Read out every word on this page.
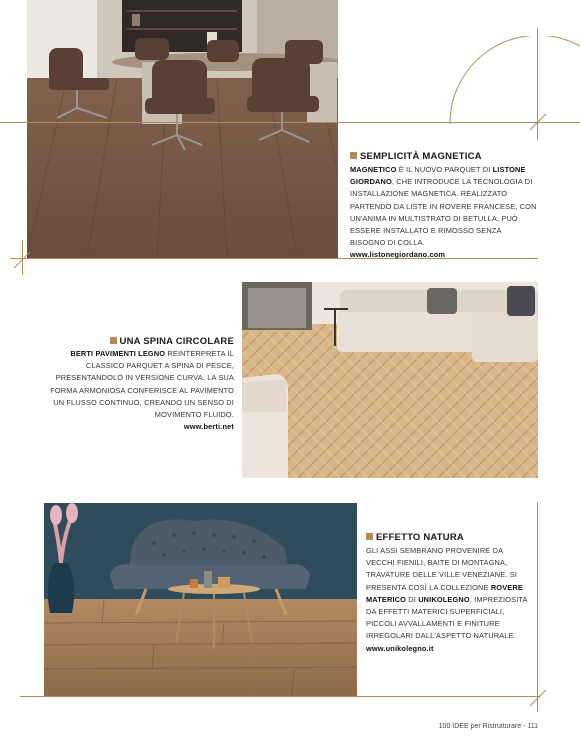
SEMPLICITÀ MAGNETICA
MAGNETICO È IL NUOVO PARQUET DI LISTONE GIORDANO, CHE INTRODUCE LA TECNOLOGIA DI INSTALLAZIONE MAGNETICA. REALIZZATO PARTENDO DA LISTE IN ROVERE FRANCESE, CON UN'ANIMA IN MULTISTRATO DI BETULLA, PUÒ ESSERE INSTALLATO E RIMOSSO SENZA BISOGNO DI COLLA.
www.listonegiordano.com
UNA SPINA CIRCOLARE
BERTI PAVIMENTI LEGNO REINTERPRETA IL CLASSICO PARQUET A SPINA DI PESCE, PRESENTANDOLO IN VERSIONE CURVA. LA SUA FORMA ARMONIOSA CONFERISCE AL PAVIMENTO UN FLUSSO CONTINUO, CREANDO UN SENSO DI MOVIMENTO FLUIDO.
www.berti.net
EFFETTO NATURA
GLI ASSI SEMBRANO PROVENIRE DA VECCHI FIENILI, BAITE DI MONTAGNA, TRAVATURE DELLE VILLE VENEZIANE. SI PRESENTA COSÌ LA COLLEZIONE ROVERE MATERICO DI UNIKOLEGNO, IMPREZIOSITA DA EFFETTI MATERICI SUPERFICIALI, PICCOLI AVVALLAMENTI E FINITURE IRREGOLARI DALL'ASPETTO NATURALE.
www.unikolegno.it
100 IDEE per Ristrutturare - 111
